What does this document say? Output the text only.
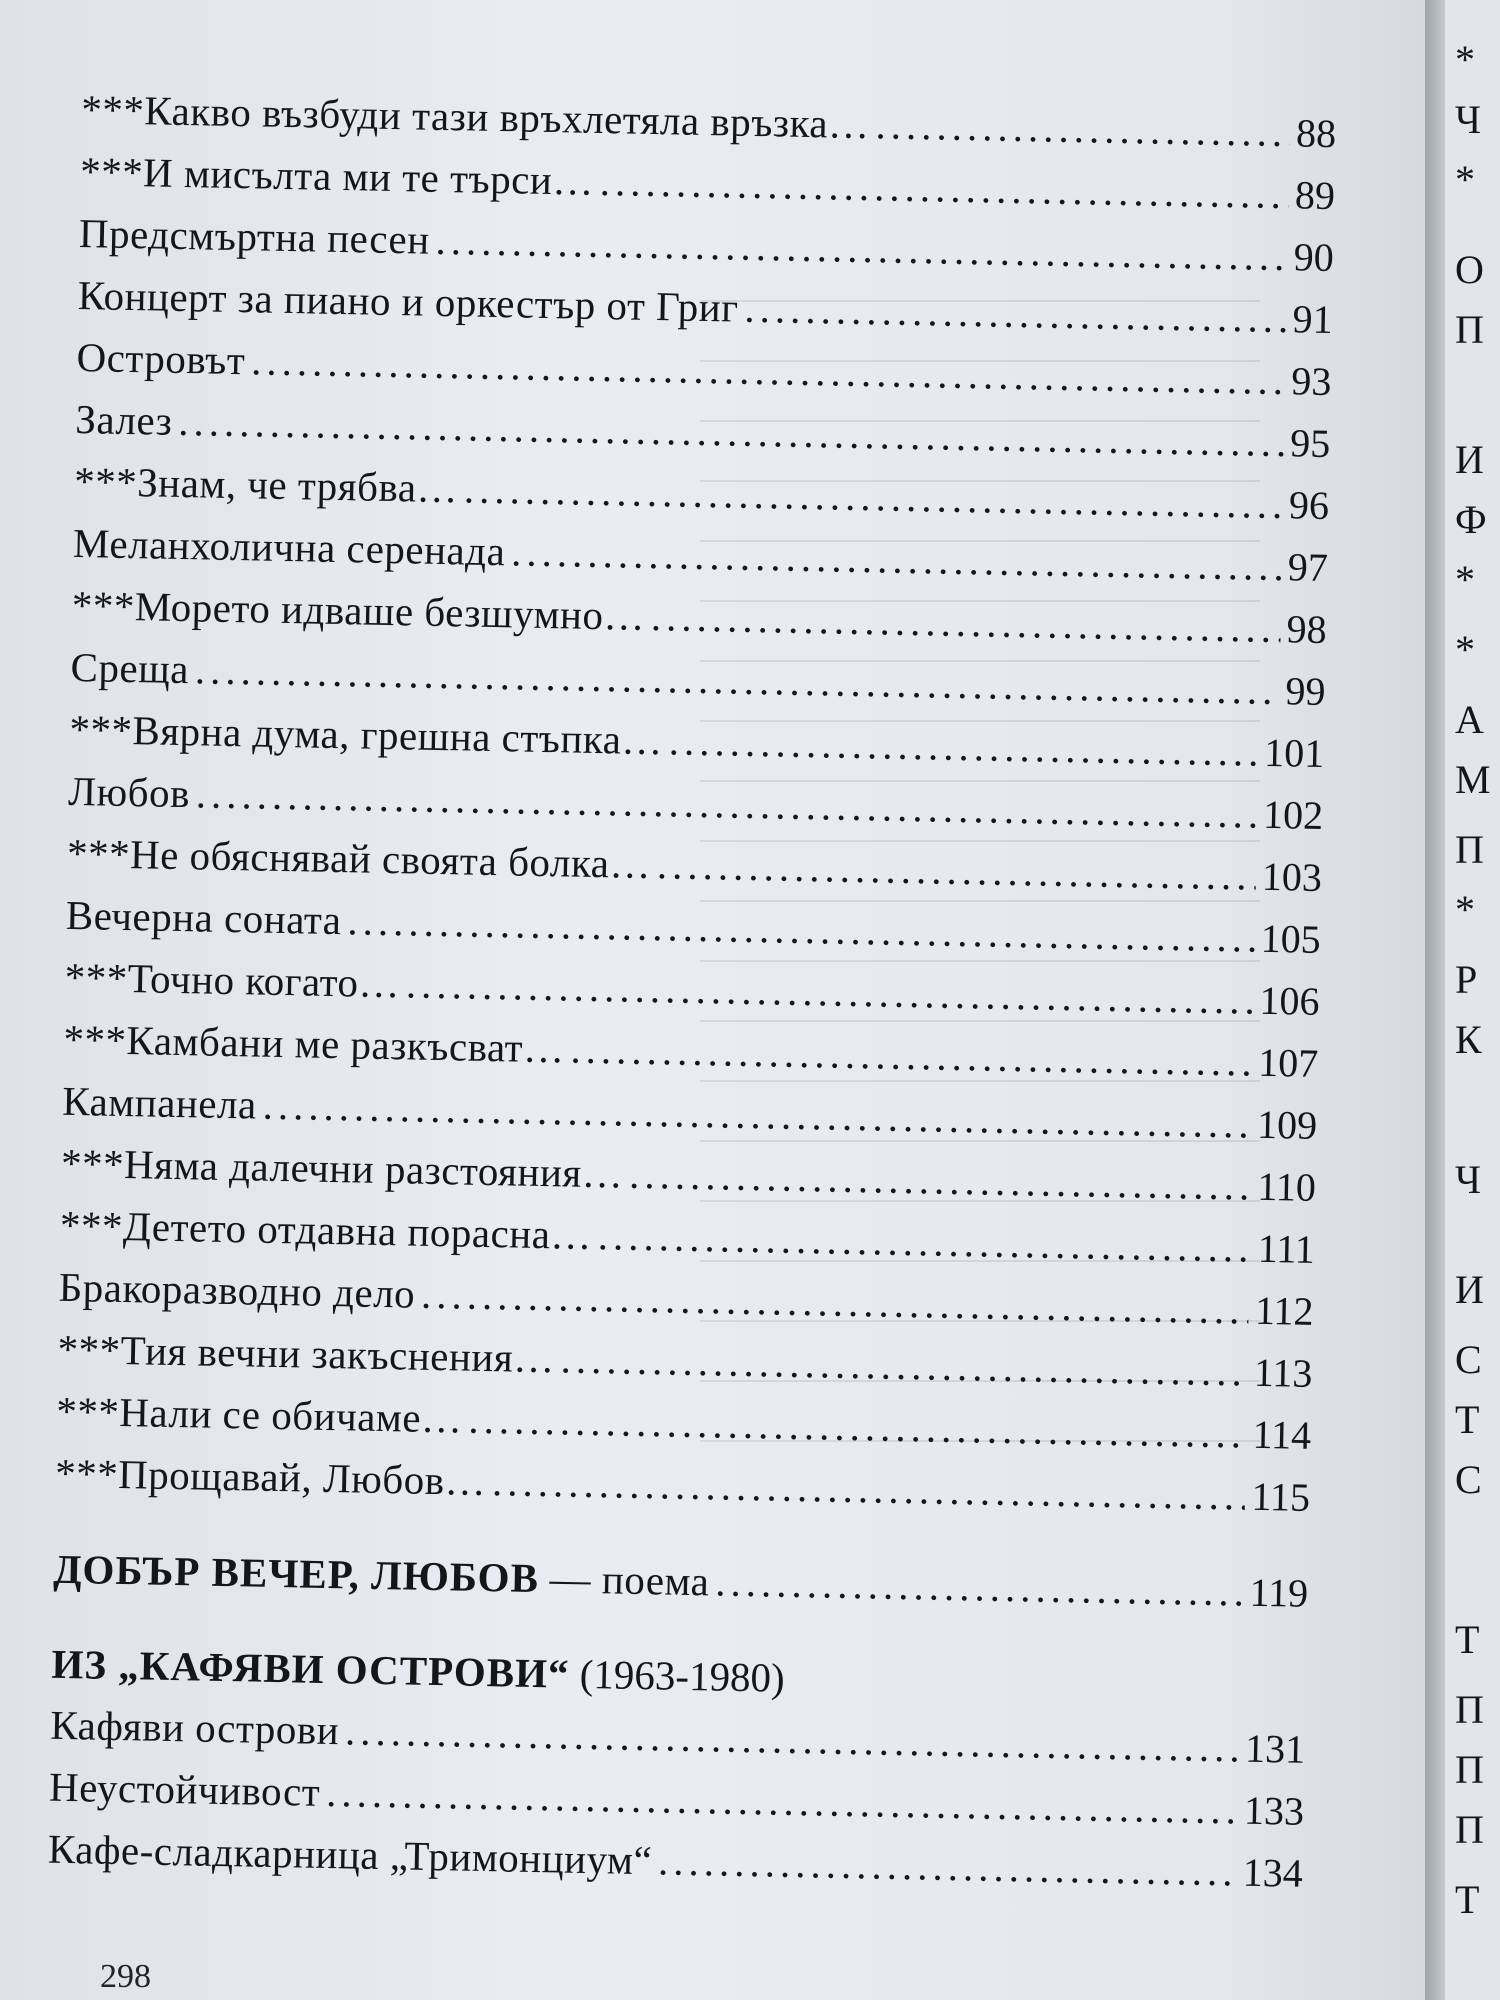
***Какво възбуди тази връхлетяла връзка… .....	88
***И мисълта ми те търси… .....	89
Предсмъртна песен .....	90
Концерт за пиано и оркестър от Григ .....	91
Островът .....	93
Залез .....	95
***Знам, че трябва… .....	96
Меланхолична серенада .....	97
***Морето идваше безшумно… .....	98
Среща .....	99
***Вярна дума, грешна стъпка… .....	101
Любов .....	102
***Не обяснявай своята болка… .....	103
Вечерна соната .....	105
***Точно когато… .....	106
***Камбани ме разкъсват… .....	107
Кампанела .....	109
***Няма далечни разстояния… .....	110
***Детето отдавна порасна… .....	111
Бракоразводно дело .....	112
***Тия вечни закъснения… .....	113
***Нали се обичаме… .....	114
***Прощавай, Любов… .....	115
ДОБЪР ВЕЧЕР, ЛЮБОВ — поема .....	119
ИЗ „КАФЯВИ ОСТРОВИ“ (1963-1980)
Кафяви острови .....	131
Неустойчивост .....	133
Кафе-сладкарница „Тримонциум“ .....	134
298
*
Ч
*
О
П
И
Ф
*
*
А
М
П
*
Р
К
Ч
И
С
Т
С
Т
П
П
П
Т
